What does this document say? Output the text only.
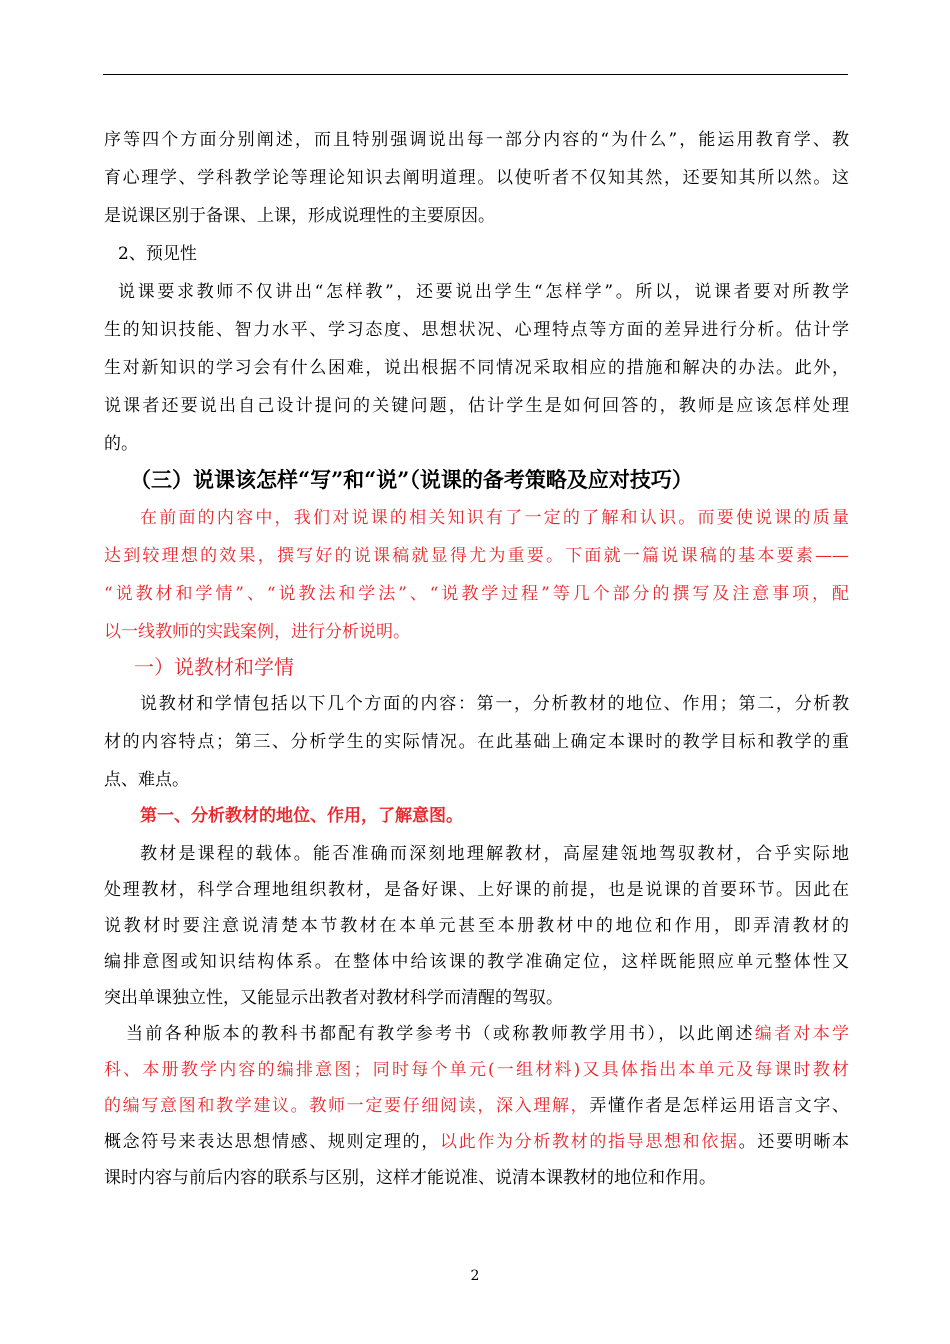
序等四个方面分别阐述，而且特别强调说出每一部分内容的“为什么”，能运用教育学、教
育心理学、学科教学论等理论知识去阐明道理。以使听者不仅知其然，还要知其所以然。这
是说课区别于备课、上课，形成说理性的主要原因。
2、预见性
说课要求教师不仅讲出“怎样教”，还要说出学生“怎样学”。所以，说课者要对所教学
生的知识技能、智力水平、学习态度、思想状况、心理特点等方面的差异进行分析。估计学
生对新知识的学习会有什么困难，说出根据不同情况采取相应的措施和解决的办法。此外，
说课者还要说出自己设计提问的关键问题，估计学生是如何回答的，教师是应该怎样处理
的。
（三）说课该怎样“写”和“说”（说课的备考策略及应对技巧）
在前面的内容中，我们对说课的相关知识有了一定的了解和认识。而要使说课的质量
达到较理想的效果，撰写好的说课稿就显得尤为重要。下面就一篇说课稿的基本要素——
“说教材和学情”、“说教法和学法”、“说教学过程”等几个部分的撰写及注意事项，配
以一线教师的实践案例，进行分析说明。
一）说教材和学情
说教材和学情包括以下几个方面的内容：第一，分析教材的地位、作用；第二，分析教
材的内容特点；第三、分析学生的实际情况。在此基础上确定本课时的教学目标和教学的重
点、难点。
第一、分析教材的地位、作用，了解意图。
教材是课程的载体。能否准确而深刻地理解教材，高屋建瓴地驾驭教材，合乎实际地
处理教材，科学合理地组织教材，是备好课、上好课的前提，也是说课的首要环节。因此在
说教材时要注意说清楚本节教材在本单元甚至本册教材中的地位和作用，即弄清教材的
编排意图或知识结构体系。在整体中给该课的教学准确定位，这样既能照应单元整体性又
突出单课独立性，又能显示出教者对教材科学而清醒的驾驭。
当前各种版本的教科书都配有教学参考书（或称教师教学用书），以此阐述编者对本学
科、本册教学内容的编排意图；同时每个单元(一组材料)又具体指出本单元及每课时教材
的编写意图和教学建议。教师一定要仔细阅读，深入理解，弄懂作者是怎样运用语言文字、
概念符号来表达思想情感、规则定理的，以此作为分析教材的指导思想和依据。还要明晰本
课时内容与前后内容的联系与区别，这样才能说准、说清本课教材的地位和作用。
2
